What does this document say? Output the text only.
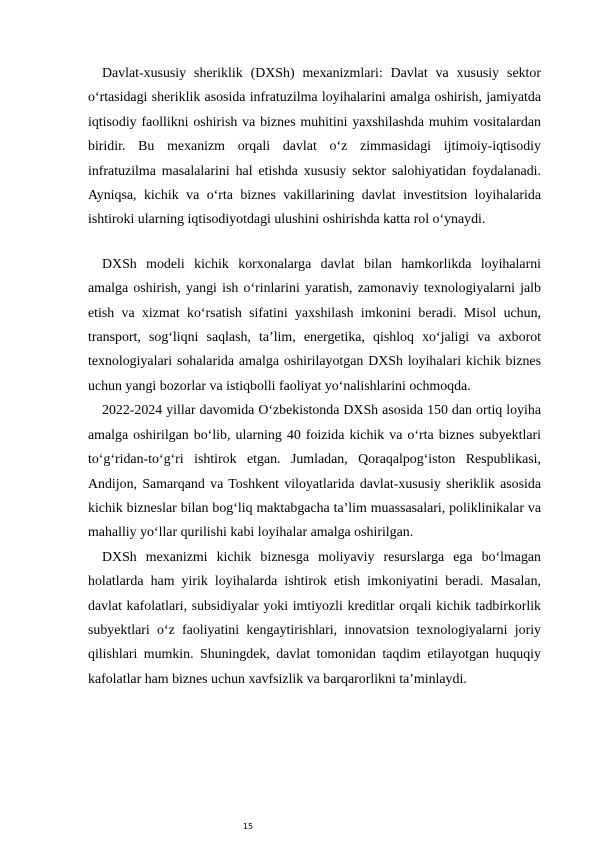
Davlat-xususiy sheriklik (DXSh) mexanizmlari: Davlat va xususiy sektor o‘rtasidagi sheriklik asosida infratuzilma loyihalarini amalga oshirish, jamiyatda iqtisodiy faollikni oshirish va biznes muhitini yaxshilashda muhim vositalardan biridir. Bu mexanizm orqali davlat o‘z zimmasidagi ijtimoiy-iqtisodiy infratuzilma masalalarini hal etishda xususiy sektor salohiyatidan foydalanadi. Ayniqsa, kichik va o‘rta biznes vakillarining davlat investitsion loyihalarida ishtiroki ularning iqtisodiyotdagi ulushini oshirishda katta rol o‘ynaydi.

DXSh modeli kichik korxonalarga davlat bilan hamkorlikda loyihalarni amalga oshirish, yangi ish o‘rinlarini yaratish, zamonaviy texnologiyalarni jalb etish va xizmat ko‘rsatish sifatini yaxshilash imkonini beradi. Misol uchun, transport, sog‘liqni saqlash, ta’lim, energetika, qishloq xo‘jaligi va axborot texnologiyalari sohalarida amalga oshirilayotgan DXSh loyihalari kichik biznes uchun yangi bozorlar va istiqbolli faoliyat yo‘nalishlarini ochmoqda.

2022-2024 yillar davomida O‘zbekistonda DXSh asosida 150 dan ortiq loyiha amalga oshirilgan bo‘lib, ularning 40 foizida kichik va o‘rta biznes subyektlari to‘g‘ridan-to‘g‘ri ishtirok etgan. Jumladan, Qoraqalpog‘iston Respublikasi, Andijon, Samarqand va Toshkent viloyatlarida davlat-xususiy sheriklik asosida kichik bizneslar bilan bog‘liq maktabgacha ta’lim muassasalari, poliklinikalar va mahalliy yo‘llar qurilishi kabi loyihalar amalga oshirilgan.

DXSh mexanizmi kichik biznesga moliyaviy resurslarga ega bo‘lmagan holatlarda ham yirik loyihalarda ishtirok etish imkoniyatini beradi. Masalan, davlat kafolatlari, subsidiyalar yoki imtiyozli kreditlar orqali kichik tadbirkorlik subyektlari o‘z faoliyatini kengaytirishlari, innovatsion texnologiyalarni joriy qilishlari mumkin. Shuningdek, davlat tomonidan taqdim etilayotgan huquqiy kafolatlar ham biznes uchun xavfsizlik va barqarorlikni ta’minlaydi.

15
